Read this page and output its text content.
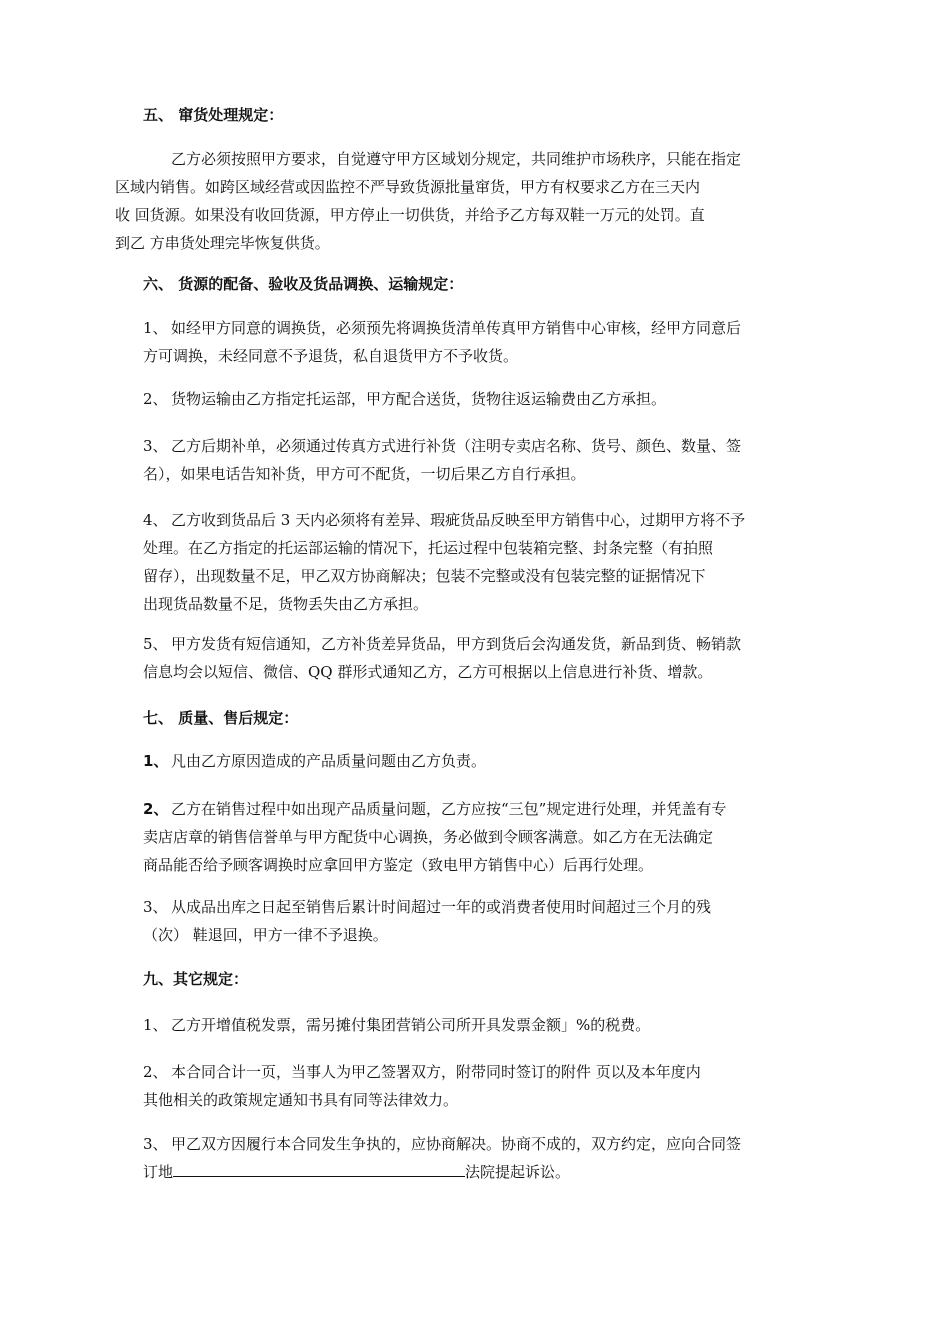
五、 窜货处理规定：

乙方必须按照甲方要求，自觉遵守甲方区域划分规定，共同维护市场秩序，只能在指定
区域内销售。如跨区域经营或因监控不严导致货源批量窜货，甲方有权要求乙方在三天内
收 回货源。如果没有收回货源，甲方停止一切供货，并给予乙方每双鞋一万元的处罚。直
到乙 方串货处理完毕恢复供货。

六、 货源的配备、验收及货品调换、运输规定：

1、 如经甲方同意的调换货，必须预先将调换货清单传真甲方销售中心审核，经甲方同意后
方可调换，未经同意不予退货，私自退货甲方不予收货。

2、 货物运输由乙方指定托运部，甲方配合送货，货物往返运输费由乙方承担。

3、 乙方后期补单，必须通过传真方式进行补货（注明专卖店名称、货号、颜色、数量、签
名），如果电话告知补货，甲方可不配货，一切后果乙方自行承担。

4、 乙方收到货品后 3 天内必须将有差异、瑕疵货品反映至甲方销售中心，过期甲方将不予
处理。在乙方指定的托运部运输的情况下，托运过程中包装箱完整、封条完整（有拍照
留存），出现数量不足，甲乙双方协商解决；包装不完整或没有包装完整的证据情况下
出现货品数量不足，货物丢失由乙方承担。

5、 甲方发货有短信通知，乙方补货差异货品，甲方到货后会沟通发货，新品到货、畅销款
信息均会以短信、微信、QQ 群形式通知乙方，乙方可根据以上信息进行补货、增款。

七、 质量、售后规定：

1、 凡由乙方原因造成的产品质量问题由乙方负责。

2、 乙方在销售过程中如出现产品质量问题，乙方应按“三包”规定进行处理，并凭盖有专
卖店店章的销售信誉单与甲方配货中心调换，务必做到令顾客满意。如乙方在无法确定
商品能否给予顾客调换时应拿回甲方鉴定（致电甲方销售中心）后再行处理。

3、 从成品出库之日起至销售后累计时间超过一年的或消费者使用时间超过三个月的残
（次） 鞋退回，甲方一律不予退换。

九、其它规定：

1、 乙方开增值税发票，需另摊付集团营销公司所开具发票金额」%的税费。

2、 本合同合计一页，当事人为甲乙签署双方，附带同时签订的附件 页以及本年度内
其他相关的政策规定通知书具有同等法律效力。

3、 甲乙双方因履行本合同发生争执的，应协商解决。协商不成的，双方约定，应向合同签
订地	法院提起诉讼。
